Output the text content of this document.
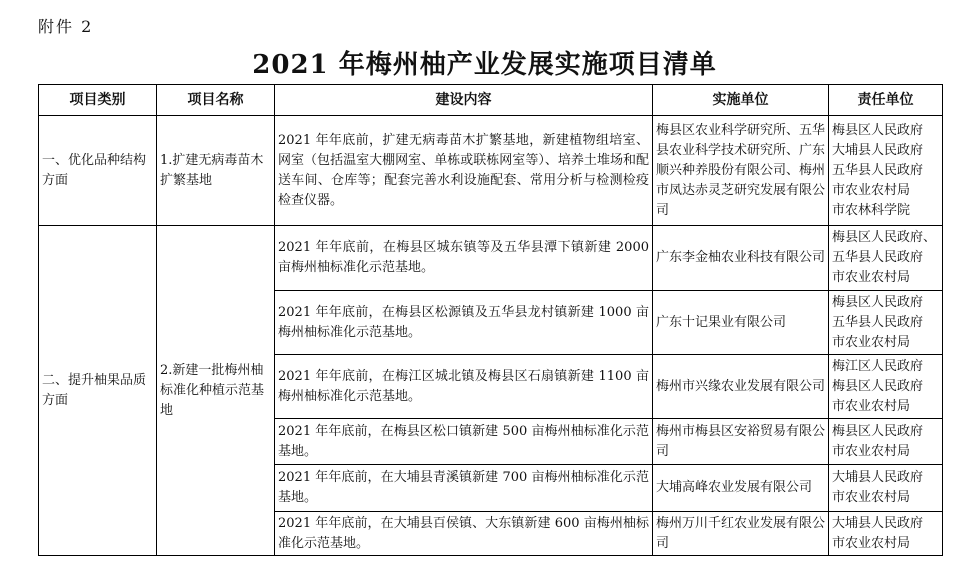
附件 2
2021 年梅州柚产业发展实施项目清单
项目类别	项目名称	建设内容	实施单位	责任单位
一、优化品种结构方面	1.扩建无病毒苗木扩繁基地	2021 年年底前，扩建无病毒苗木扩繁基地，新建植物组培室、网室（包括温室大棚网室、单栋或联栋网室等）、培养土堆场和配送车间、仓库等；配套完善水利设施配套、常用分析与检测检疫检查仪器。	梅县区农业科学研究所、五华县农业科学技术研究所、广东顺兴种养股份有限公司、梅州市凤达赤灵芝研究发展有限公司	梅县区人民政府
大埔县人民政府
五华县人民政府
市农业农村局
市农林科学院

二、提升柚果品质方面	2.新建一批梅州柚标准化种植示范基地	2021 年年底前，在梅县区城东镇等及五华县潭下镇新建 2000 亩梅州柚标准化示范基地。	广东李金柚农业科技有限公司	梅县区人民政府、
五华县人民政府
市农业农村局

		2021 年年底前，在梅县区松源镇及五华县龙村镇新建 1000 亩梅州柚标准化示范基地。	广东十记果业有限公司	梅县区人民政府
五华县人民政府
市农业农村局

		2021 年年底前，在梅江区城北镇及梅县区石扇镇新建 1100 亩梅州柚标准化示范基地。	梅州市兴缘农业发展有限公司	梅江区人民政府
梅县区人民政府
市农业农村局

		2021 年年底前，在梅县区松口镇新建 500 亩梅州柚标准化示范基地。	梅州市梅县区安裕贸易有限公司	梅县区人民政府
市农业农村局

		2021 年年底前，在大埔县青溪镇新建 700 亩梅州柚标准化示范基地。	大埔高峰农业发展有限公司	大埔县人民政府
市农业农村局

		2021 年年底前，在大埔县百侯镇、大东镇新建 600 亩梅州柚标准化示范基地。	梅州万川千红农业发展有限公司	大埔县人民政府
市农业农村局
